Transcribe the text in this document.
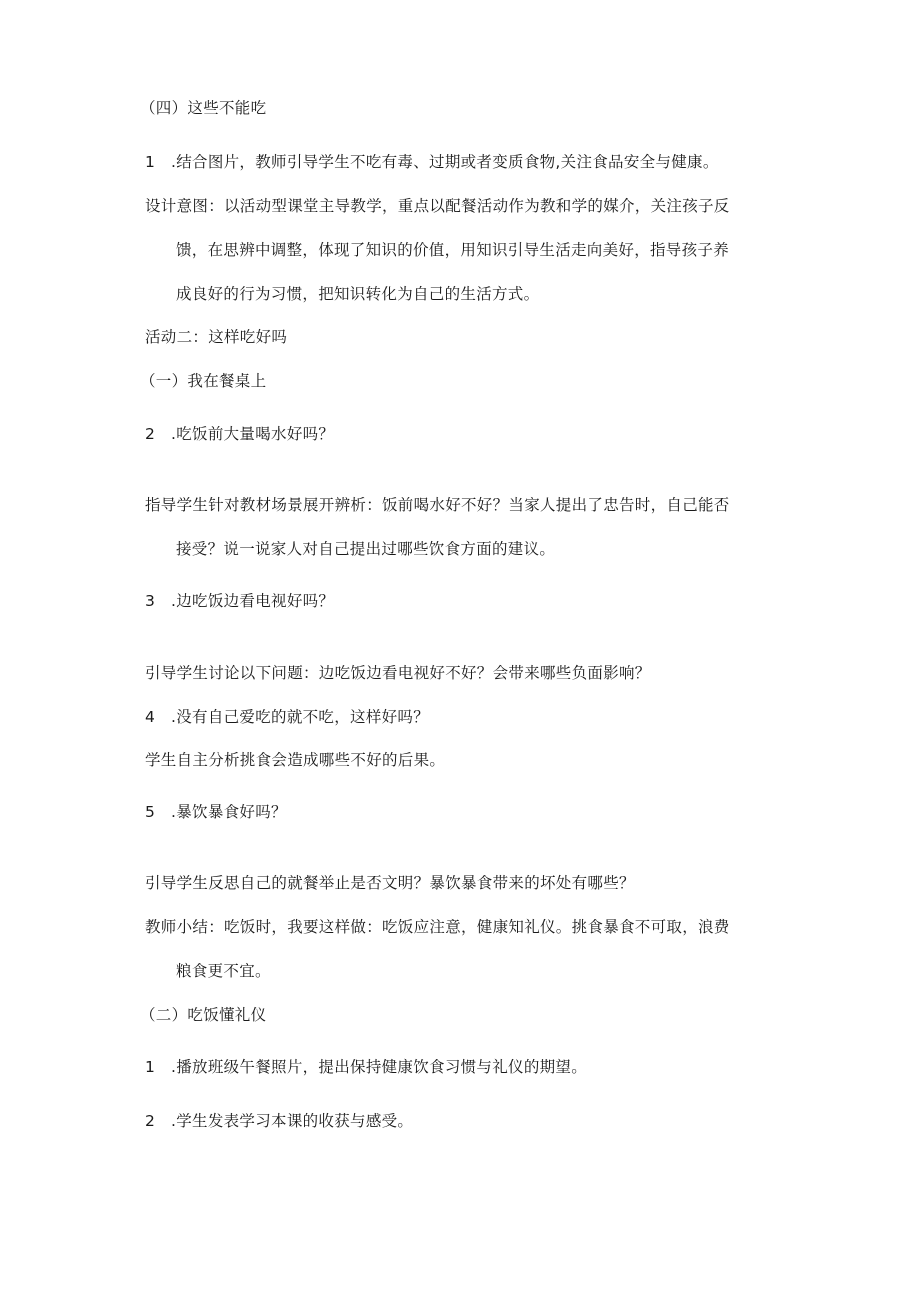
（四）这些不能吃
1 .结合图片，教师引导学生不吃有毒、过期或者变质食物,关注食品安全与健康。
设计意图：以活动型课堂主导教学，重点以配餐活动作为教和学的媒介，关注孩子反
馈，在思辨中调整，体现了知识的价值，用知识引导生活走向美好，指导孩子养
成良好的行为习惯，把知识转化为自己的生活方式。
活动二：这样吃好吗
（一）我在餐桌上
2 .吃饭前大量喝水好吗？
指导学生针对教材场景展开辨析：饭前喝水好不好？当家人提出了忠告时，自己能否
接受？说一说家人对自己提出过哪些饮食方面的建议。
3 .边吃饭边看电视好吗？
引导学生讨论以下问题：边吃饭边看电视好不好？会带来哪些负面影响？
4 .没有自己爱吃的就不吃，这样好吗？
学生自主分析挑食会造成哪些不好的后果。
5 .暴饮暴食好吗？
引导学生反思自己的就餐举止是否文明？暴饮暴食带来的坏处有哪些？
教师小结：吃饭时，我要这样做：吃饭应注意，健康知礼仪。挑食暴食不可取，浪费
粮食更不宜。
（二）吃饭懂礼仪
1 .播放班级午餐照片，提出保持健康饮食习惯与礼仪的期望。
2 .学生发表学习本课的收获与感受。
